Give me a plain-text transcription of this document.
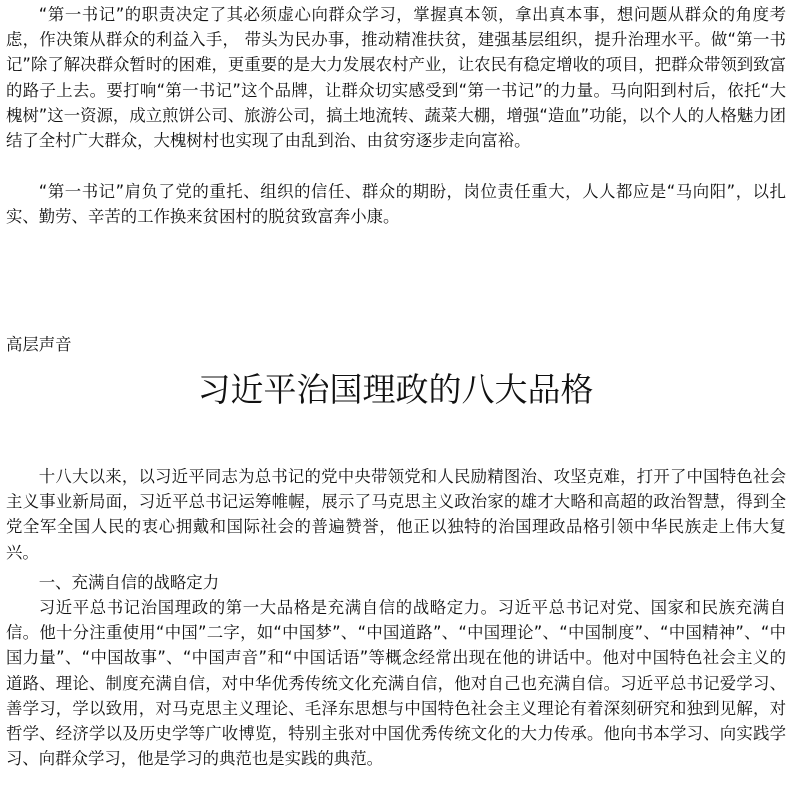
“第一书记”的职责决定了其必须虚心向群众学习，掌握真本领，拿出真本事，想问题从群众的角度考虑，作决策从群众的利益入手， 带头为民办事，推动精准扶贫，建强基层组织，提升治理水平。做“第一书记”除了解决群众暂时的困难，更重要的是大力发展农村产业，让农民有稳定增收的项目，把群众带领到致富的路子上去。要打响“第一书记”这个品牌，让群众切实感受到“第一书记”的力量。马向阳到村后，依托“大槐树”这一资源，成立煎饼公司、旅游公司，搞土地流转、蔬菜大棚，增强“造血”功能，以个人的人格魅力团结了全村广大群众，大槐树村也实现了由乱到治、由贫穷逐步走向富裕。

“第一书记”肩负了党的重托、组织的信任、群众的期盼，岗位责任重大，人人都应是“马向阳”，以扎实、勤劳、辛苦的工作换来贫困村的脱贫致富奔小康。

高层声音

习近平治国理政的八大品格

十八大以来，以习近平同志为总书记的党中央带领党和人民励精图治、攻坚克难，打开了中国特色社会主义事业新局面，习近平总书记运筹帷幄，展示了马克思主义政治家的雄才大略和高超的政治智慧，得到全党全军全国人民的衷心拥戴和国际社会的普遍赞誉，他正以独特的治国理政品格引领中华民族走上伟大复兴。

一、充满自信的战略定力

习近平总书记治国理政的第一大品格是充满自信的战略定力。习近平总书记对党、国家和民族充满自信。他十分注重使用“中国”二字，如“中国梦”、“中国道路”、“中国理论”、“中国制度”、“中国精神”、“中国力量”、“中国故事”、“中国声音”和“中国话语”等概念经常出现在他的讲话中。他对中国特色社会主义的道路、理论、制度充满自信，对中华优秀传统文化充满自信，他对自己也充满自信。习近平总书记爱学习、善学习，学以致用，对马克思主义理论、毛泽东思想与中国特色社会主义理论有着深刻研究和独到见解，对哲学、经济学以及历史学等广收博览，特别主张对中国优秀传统文化的大力传承。他向书本学习、向实践学习、向群众学习，他是学习的典范也是实践的典范。
